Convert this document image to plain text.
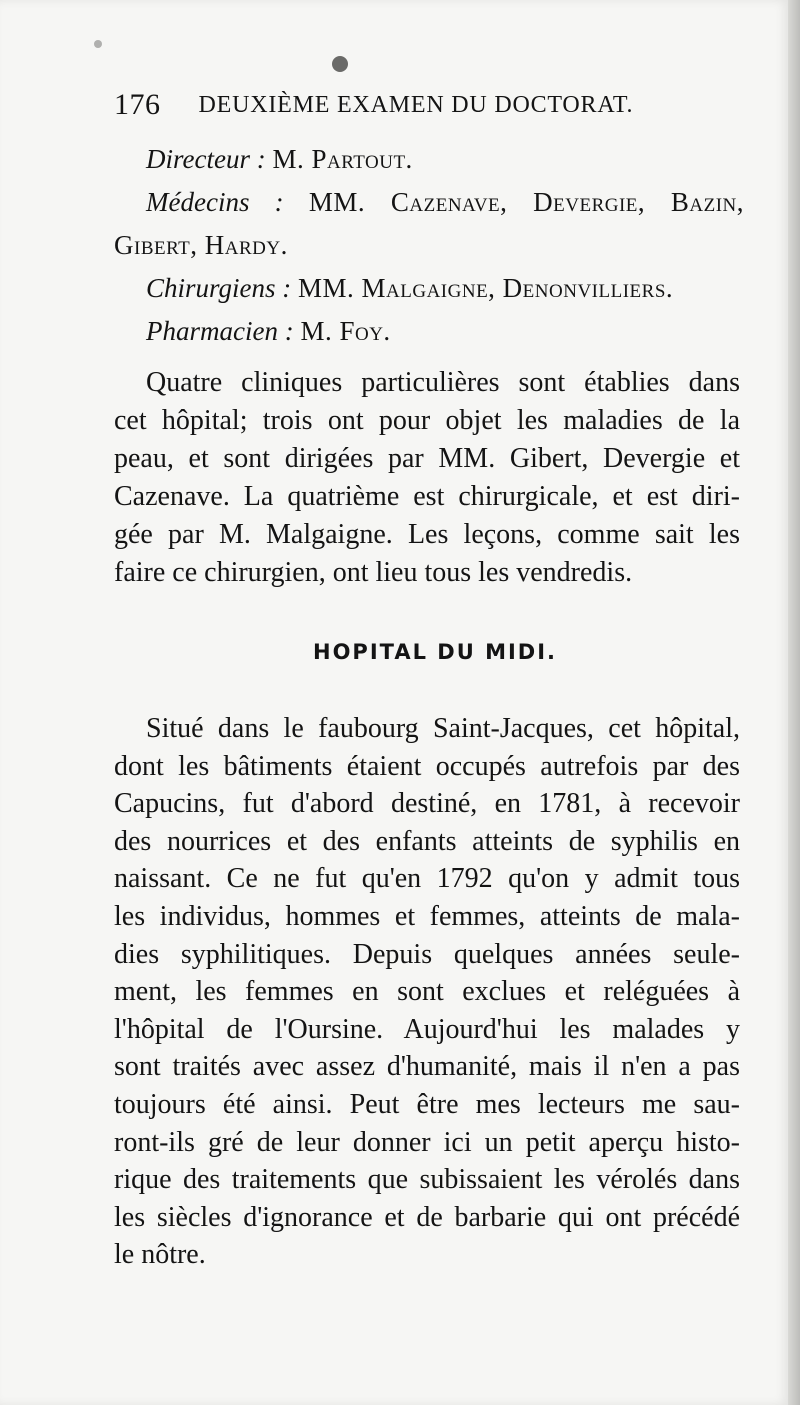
176 DEUXIÈME EXAMEN DU DOCTORAT.

Directeur : M. Partout.

Médecins : MM. Cazenave, Devergie, Bazin,

Gibert, Hardy.

Chirurgiens : MM. Malgaigne, Denonvilliers.

Pharmacien : M. Foy.

Quatre cliniques particulières sont établies dans
cet hôpital; trois ont pour objet les maladies de la
peau, et sont dirigées par MM. Gibert, Devergie et
Cazenave. La quatrième est chirurgicale, et est diri-
gée par M. Malgaigne. Les leçons, comme sait les
faire ce chirurgien, ont lieu tous les vendredis.

HOPITAL DU MIDI.

Situé dans le faubourg Saint-Jacques, cet hôpital,
dont les bâtiments étaient occupés autrefois par des
Capucins, fut d'abord destiné, en 1781, à recevoir
des nourrices et des enfants atteints de syphilis en
naissant. Ce ne fut qu'en 1792 qu'on y admit tous
les individus, hommes et femmes, atteints de mala-
dies syphilitiques. Depuis quelques années seule-
ment, les femmes en sont exclues et reléguées à
l'hôpital de l'Oursine. Aujourd'hui les malades y
sont traités avec assez d'humanité, mais il n'en a pas
toujours été ainsi. Peut être mes lecteurs me sau-
ront-ils gré de leur donner ici un petit aperçu histo-
rique des traitements que subissaient les vérolés dans
les siècles d'ignorance et de barbarie qui ont précédé
le nôtre.
